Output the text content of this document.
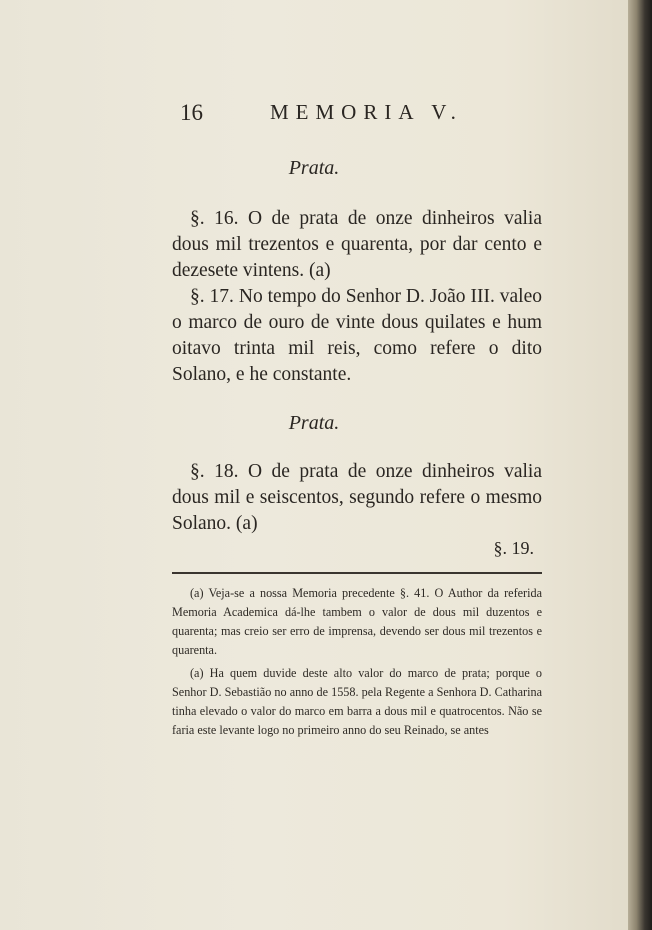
16	MEMORIA V.
Prata.

§. 16. O de prata de onze dinheiros valia dous mil trezentos e quarenta, por dar cento e dezesete vintens. (a)

§. 17. No tempo do Senhor D. João III. valeo o marco de ouro de vinte dous quilates e hum oitavo trinta mil reis, como refere o dito Solano, e he constante.

Prata.

§. 18. O de prata de onze dinheiros valia dous mil e seiscentos, segundo refere o mesmo Solano. (a)

§. 19.

(a) Veja-se a nossa Memoria precedente §. 41. O Author da referida Memoria Academica dá-lhe tambem o valor de dous mil duzentos e quarenta; mas creio ser erro de imprensa, devendo ser dous mil trezentos e quarenta.

(a) Ha quem duvide deste alto valor do marco de prata; porque o Senhor D. Sebastião no anno de 1558. pela Regente a Senhora D. Catharina tinha elevado o valor do marco em barra a dous mil e quatrocentos. Não se faria este levante logo no primeiro anno do seu Reinado, se antes
